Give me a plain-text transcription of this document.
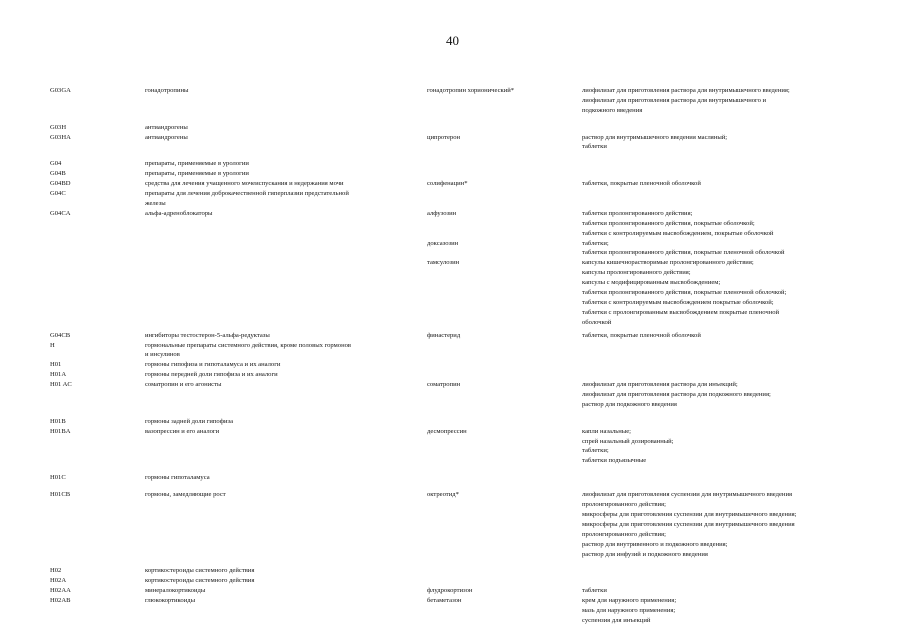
40
G03GA	гонадотропины	гонадотропин хорионический*	лиофилизат для приготовления раствора для внутримышечного введения;
лиофилизат для приготовления раствора для внутримышечного и
подкожного введения
G03H	антиандрогены
G03HA	антиандрогены	ципротерон	раствор для внутримышечного введения масляный;
таблетки
G04	препараты, применяемые в урологии
G04B	препараты, применяемые в урологии
G04BD	средства для лечения учащенного мочеиспускания и недержания мочи	солифенацин*	таблетки, покрытые пленочной оболочкой
G04C	препараты для лечения доброкачественной гиперплазии предстательной
железы
G04CA	альфа-адреноблокаторы	алфузозин	таблетки пролонгированного действия;
таблетки пролонгированного действия, покрытые оболочкой;
таблетки с контролируемым высвобождением, покрытые оболочкой
доксазозин	таблетки;
таблетки пролонгированного действия, покрытые пленочной оболочкой
тамсулозин	капсулы кишечнорастворимые пролонгированного действия;
капсулы пролонгированного действия;
капсулы с модифицированным высвобождением;
таблетки пролонгированного действия, покрытые пленочной оболочкой;
таблетки с контролируемым высвобождением покрытые оболочкой;
таблетки с пролонгированным высвобождением покрытые пленочной
оболочкой
G04CB	ингибиторы тестостерон-5-альфа-редуктазы	финастерид	таблетки, покрытые пленочной оболочкой
H	гормональные препараты системного действия, кроме половых гормонов
и инсулинов
H01	гормоны гипофиза и гипоталамуса и их аналоги
H01A	гормоны передней доли гипофиза и их аналоги
H01 AC	соматропин и его агонисты	соматропин	лиофилизат для приготовления раствора для инъекций;
лиофилизат для приготовления раствора для подкожного введения;
раствор для подкожного введения
H01B	гормоны задней доли гипофиза
H01BA	вазопрессин и его аналоги	десмопрессин	капли назальные;
спрей назальный дозированный;
таблетки;
таблетки подъязычные
H01C	гормоны гипоталамуса
H01CB	гормоны, замедляющие рост	октреотид*	лиофилизат для приготовления суспензии для внутримышечного введения
пролонгированного действия;
микросферы для приготовления суспензии для внутримышечного введения;
микросферы для приготовления суспензии для внутримышечного введения
пролонгированного действия;
раствор для внутривенного и подкожного введения;
раствор для инфузий и подкожного введения
H02	кортикостероиды системного действия
H02A	кортикостероиды системного действия
H02AA	минералокортикоиды	флудрокортизон	таблетки
H02AB	глюкокортикоиды	бетаметазон	крем для наружного применения;
мазь для наружного применения;
суспензия для инъекций
